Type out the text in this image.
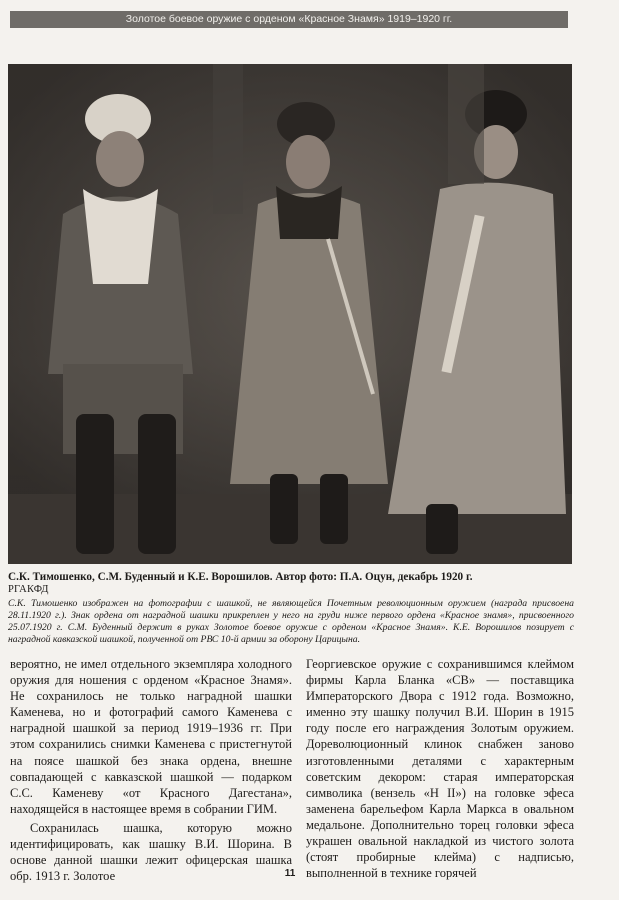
Золотое боевое оружие с орденом «Красное Знамя» 1919–1920 гг.

С.К. Тимошенко, С.М. Буденный и К.Е. Ворошилов. Автор фото: П.А. Оцун, декабрь 1920 г.

РГАКФД

С.К. Тимошенко изображен на фотографии с шашкой, не являющейся Почетным революционным оружием (награда присвоена 28.11.1920 г.). Знак ордена от наградной шашки прикреплен у него на груди ниже первого ордена «Красное знамя», присвоенного 25.07.1920 г. С.М. Буденный держит в руках Золотое боевое оружие с орденом «Красное Знамя». К.Е. Ворошилов позирует с наградной кавказской шашкой, полученной от РВС 10-й армии за оборону Царицына.

вероятно, не имел отдельного экземпляра холодного оружия для ношения с орденом «Красное Знамя». Не сохранилось не только наградной шашки Каменева, но и фотографий самого Каменева с наградной шашкой за период 1919–1936 гг. При этом сохранились снимки Каменева с пристегнутой на поясе шашкой без знака ордена, внешне совпадающей с кавказской шашкой — подарком С.С. Каменеву «от Красного Дагестана», находящейся в настоящее время в собрании ГИМ.

Сохранилась шашка, которую можно идентифицировать, как шашку В.И. Шорина. В основе данной шашки лежит офицерская шашка обр. 1913 г. Золотое

Георгиевское оружие с сохранившимся клеймом фирмы Карла Бланка «СВ» — поставщика Императорского Двора с 1912 года. Возможно, именно эту шашку получил В.И. Шорин в 1915 году после его награждения Золотым оружием. Дореволюционный клинок снабжен заново изготовленными деталями с характерным советским декором: старая императорская символика (вензель «Н II») на головке эфеса заменена барельефом Карла Маркса в овальном медальоне. Дополнительно торец головки эфеса украшен овальной накладкой из чистого золота (стоят пробирные клейма) с надписью, выполненной в технике горячей

11
